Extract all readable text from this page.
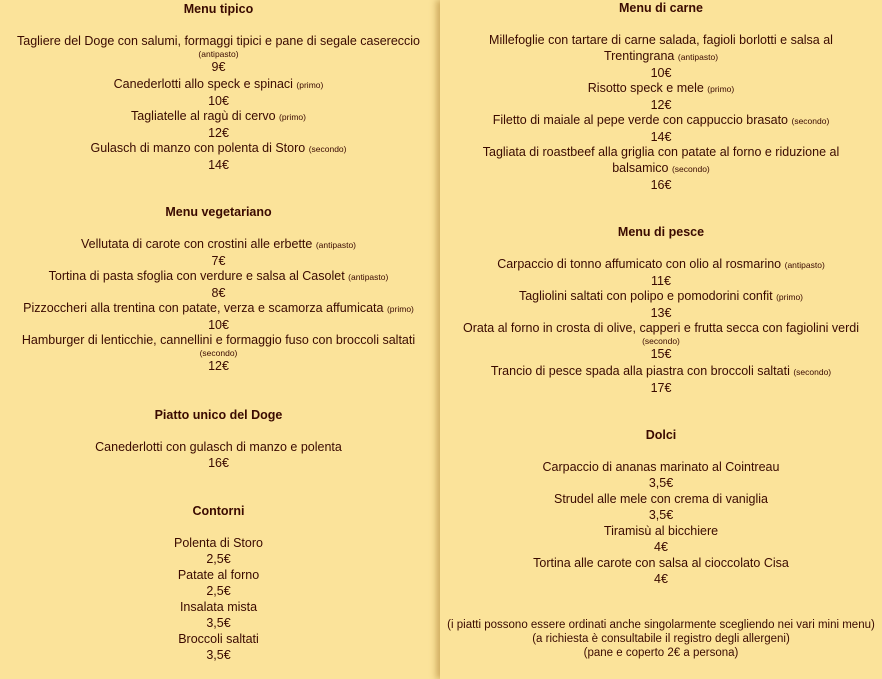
Menu tipico
Tagliere del Doge con salumi, formaggi tipici e pane di segale casereccio

(antipasto)
9€
Canederlotti allo speck e spinaci (primo)
10€
Tagliatelle al ragù di cervo (primo)
12€
Gulasch di manzo con polenta di Storo (secondo)
14€
Menu vegetariano
Vellutata di carote con crostini alle erbette (antipasto)
7€
Tortina di pasta sfoglia con verdure e salsa al Casolet (antipasto)
8€
Pizzoccheri alla trentina con patate, verza e scamorza affumicata (primo)
10€
Hamburger di lenticchie, cannellini e formaggio fuso con broccoli saltati

(secondo)
12€
Piatto unico del Doge
Canederlotti con gulasch di manzo e polenta
16€
Contorni
Polenta di Storo
2,5€
Patate al forno
2,5€
Insalata mista
3,5€
Broccoli saltati
3,5€
Menu di carne
Millefoglie con tartare di carne salada, fagioli borlotti e salsa al Trentingrana (antipasto)
10€
Risotto speck e mele (primo)
12€
Filetto di maiale al pepe verde con cappuccio brasato (secondo)
14€
Tagliata di roastbeef alla griglia con patate al forno e riduzione al balsamico (secondo)
16€
Menu di pesce
Carpaccio di tonno affumicato con olio al rosmarino (antipasto)
11€
Tagliolini saltati con polipo e pomodorini confit (primo)
13€
Orata al forno in crosta di olive, capperi e frutta secca con fagiolini verdi

(secondo)
15€
Trancio di pesce spada alla piastra con broccoli saltati (secondo)
17€
Dolci
Carpaccio di ananas marinato al Cointreau
3,5€
Strudel alle mele con crema di vaniglia
3,5€
Tiramisù al bicchiere
4€
Tortina alle carote con salsa al cioccolato Cisa
4€
(i piatti possono essere ordinati anche singolarmente scegliendo nei vari mini menu)
(a richiesta è consultabile il registro degli allergeni)
(pane e coperto 2€ a persona)
